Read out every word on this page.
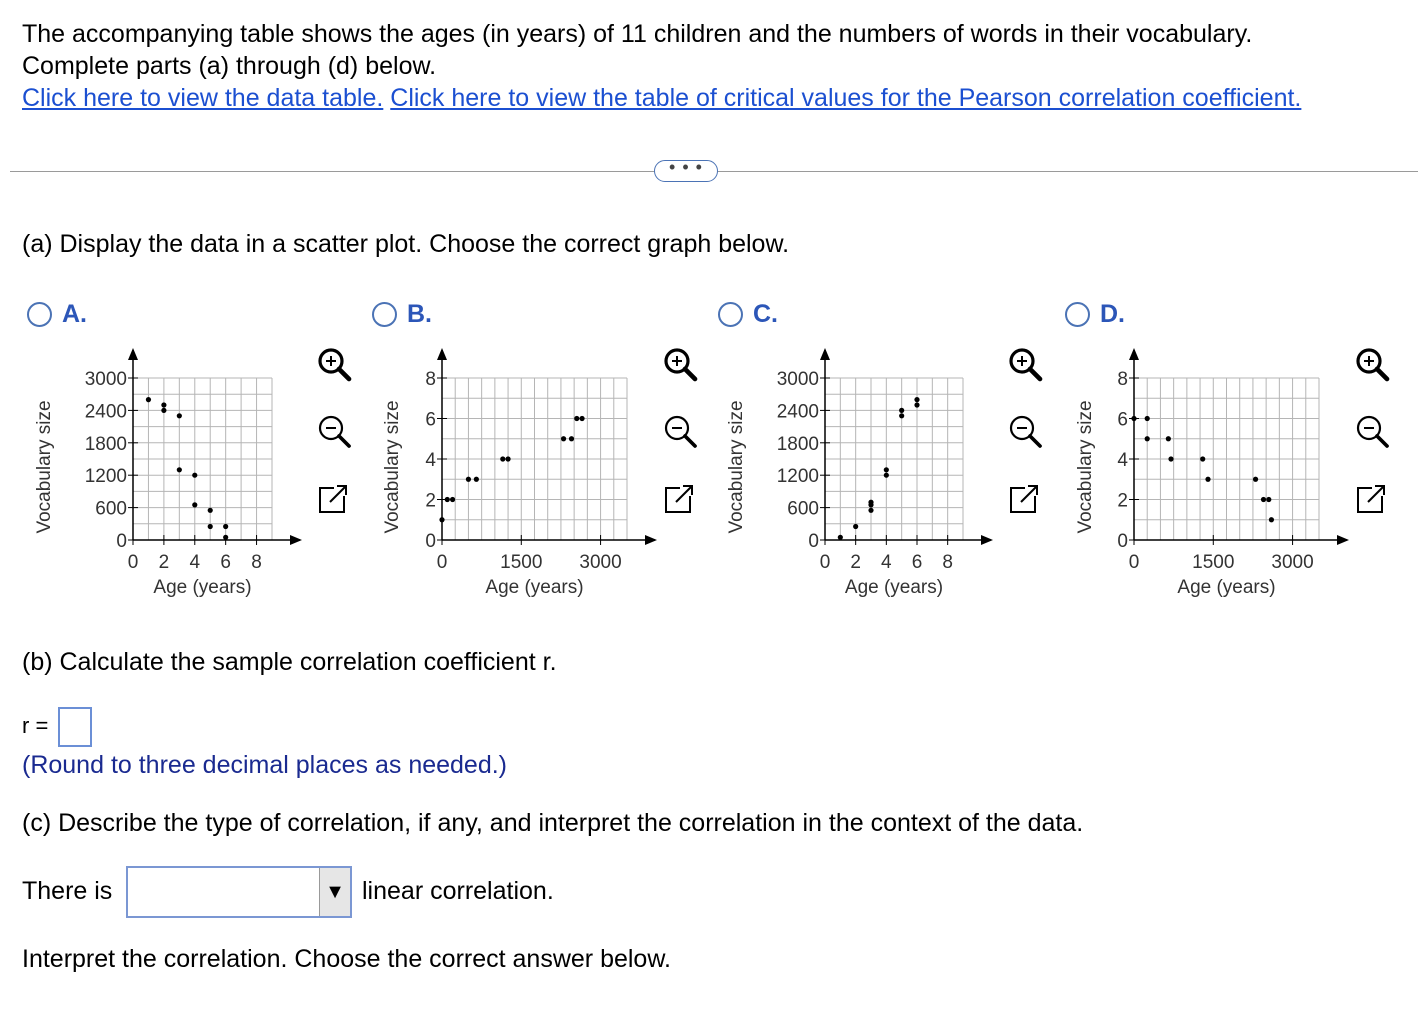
The accompanying table shows the ages (in years) of 11 children and the numbers of words in their vocabulary.

Complete parts (a) through (d) below.

Click here to view the data table. Click here to view the table of critical values for the Pearson correlation coefficient.

• • •
(a) Display the data in a scatter plot. Choose the correct graph below.
A.	B.	C.	D.
0 2 4 6 8
0
600
1200
1800
2400
3000
Age (years)
Vocabulary size
0	1500 3000
0
2
4
6
8
Age (years)
Vocabulary size
0 2 4 6 8
0
600
1200
1800
2400
3000
Age (years)
Vocabulary size
0	1500 3000
0
2
4
6
8
Age (years)
Vocabulary size
(b) Calculate the sample correlation coefficient r.
r =
(Round to three decimal places as needed.)
(c) Describe the type of correlation, if any, and interpret the correlation in the context of the data.
There is	▼ linear correlation.
Interpret the correlation. Choose the correct answer below.
